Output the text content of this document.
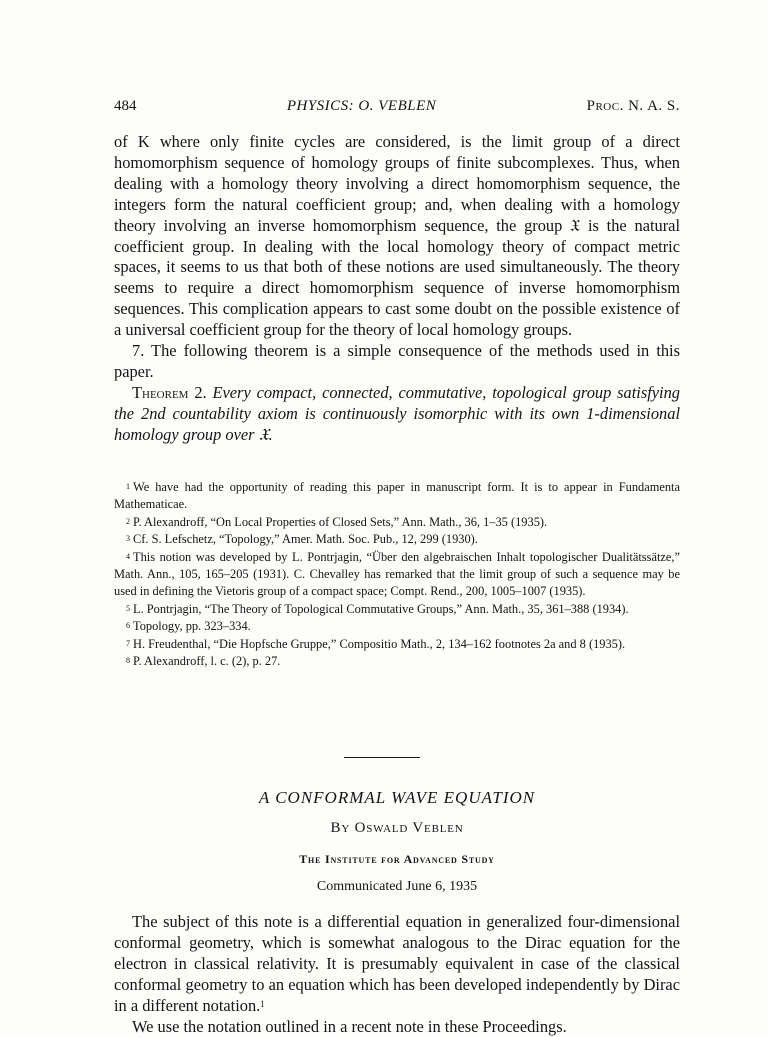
484	PHYSICS: O. VEBLEN	Proc. N. A. S.

of K where only finite cycles are considered, is the limit group of a direct homomorphism sequence of homology groups of finite subcomplexes. Thus, when dealing with a homology theory involving a direct homomorphism sequence, the integers form the natural coefficient group; and, when dealing with a homology theory involving an inverse homomorphism sequence, the group 𝔛 is the natural coefficient group. In dealing with the local homology theory of compact metric spaces, it seems to us that both of these notions are used simultaneously. The theory seems to require a direct homomorphism sequence of inverse homomorphism sequences. This complication appears to cast some doubt on the possible existence of a universal coefficient group for the theory of local homology groups.

7. The following theorem is a simple consequence of the methods used in this paper.

Theorem 2. Every compact, connected, commutative, topological group satisfying the 2nd countability axiom is continuously isomorphic with its own 1-dimensional homology group over 𝔛.

$^1$ We have had the opportunity of reading this paper in manuscript form. It is to appear in Fundamenta Mathematicae.

$^2$ P. Alexandroff, “On Local Properties of Closed Sets,” Ann. Math., 36, 1–35 (1935).

$^3$ Cf. S. Lefschetz, “Topology,” Amer. Math. Soc. Pub., 12, 299 (1930).

$^4$ This notion was developed by L. Pontrjagin, “Über den algebraischen Inhalt topologischer Dualitätssätze,” Math. Ann., 105, 165–205 (1931). C. Chevalley has remarked that the limit group of such a sequence may be used in defining the Vietoris group of a compact space; Compt. Rend., 200, 1005–1007 (1935).

$^5$ L. Pontrjagin, “The Theory of Topological Commutative Groups,” Ann. Math., 35, 361–388 (1934).

$^6$ Topology, pp. 323–334.

$^7$ H. Freudenthal, “Die Hopfsche Gruppe,” Compositio Math., 2, 134–162 footnotes 2a and 8 (1935).

$^8$ P. Alexandroff, l. c. (2), p. 27.

A CONFORMAL WAVE EQUATION
By Oswald Veblen
The Institute for Advanced Study
Communicated June 6, 1935

The subject of this note is a differential equation in generalized four-dimensional conformal geometry, which is somewhat analogous to the Dirac equation for the electron in classical relativity. It is presumably equivalent in case of the classical conformal geometry to an equation which has been developed independently by Dirac in a different notation.$^1$

We use the notation outlined in a recent note in these Proceedings.
